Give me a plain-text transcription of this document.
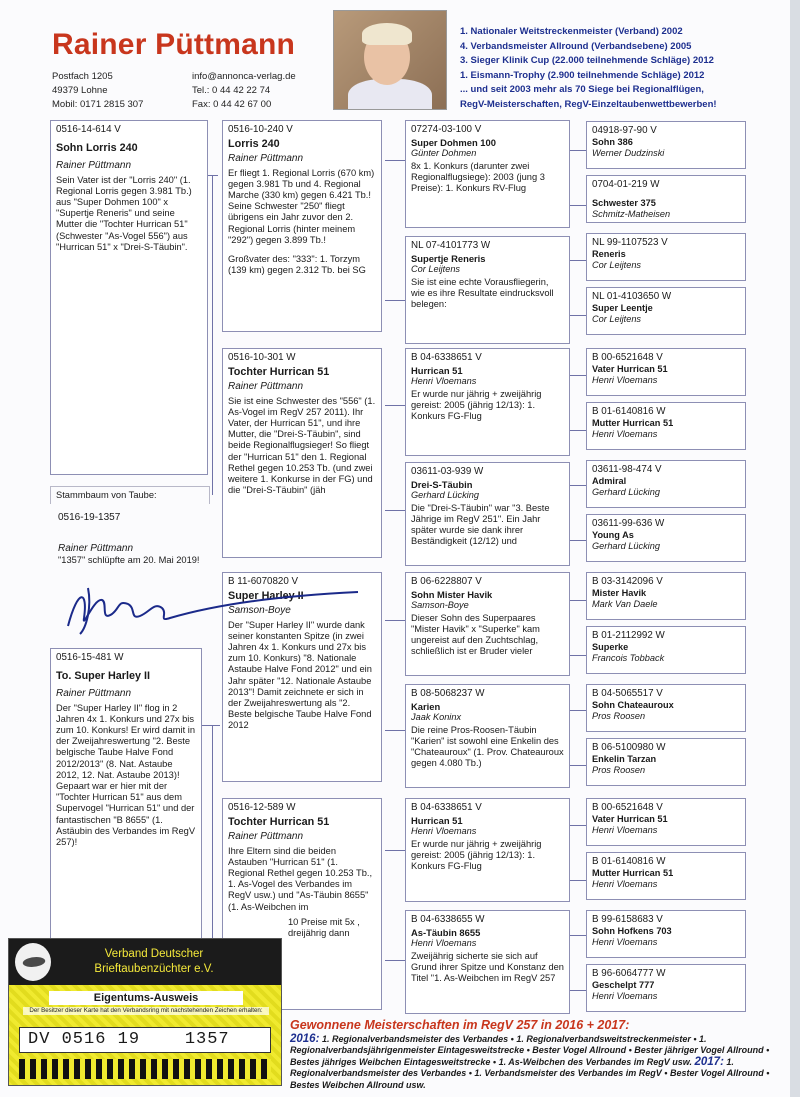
Rainer Püttmann
Postfach 1205
49379 Lohne
Mobil: 0171 2815 307
info@annonca-verlag.de
Tel.: 0 44 42 22 74
Fax: 0 44 42 67 00
1. Nationaler Weitstreckenmeister (Verband) 2002
4. Verbandsmeister Allround (Verbandsebene) 2005
3. Sieger Klinik Cup (22.000 teilnehmende Schläge) 2012
1. Eismann-Trophy (2.900 teilnehmende Schläge) 2012
... und seit 2003 mehr als 70 Siege bei Regionalflügen,
RegV-Meisterschaften, RegV-Einzeltaubenwettbewerben!
0516-14-614 V
Sohn Lorris 240
Rainer Püttmann
Sein Vater ist der "Lorris 240" (1. Regional Lorris gegen 3.981 Tb.) aus "Super Dohmen 100" x "Supertje Reneris" und seine Mutter die "Tochter Hurrican 51" (Schwester "As-Vogel 556") aus "Hurrican 51" x "Drei-S-Täubin".
0516-15-481 W
To. Super Harley II
Rainer Püttmann
Der "Super Harley II" flog in 2 Jahren 4x 1. Konkurs und 27x bis zum 10. Konkurs! Er wird damit in der Zweijahreswertung "2. Beste belgische Taube Halve Fond 2012/2013" (8. Nat. Astaube 2012, 12. Nat. Astaube 2013)! Gepaart war er hier mit der "Tochter Hurrican 51" aus dem Supervogel "Hurrican 51" und der fantastischen "B 8655" (1. Astäubin des Verbandes im RegV 257)!
0516-10-240 V
Lorris 240
Rainer Püttmann
Er fliegt 1. Regional Lorris (670 km) gegen 3.981 Tb und 4. Regional Marche (330 km) gegen 6.421 Tb.! Seine Schwester "250" fliegt übrigens ein Jahr zuvor den 2. Regional Lorris (hinter meinem "292") gegen 3.899 Tb.!
Großvater des: "333": 1. Torzym (139 km) gegen 2.312 Tb. bei SG
0516-10-301 W
Tochter Hurrican 51
Rainer Püttmann
Sie ist eine Schwester des "556" (1. As-Vogel im RegV 257 2011). Ihr Vater, der Hurrican 51", und ihre Mutter, die "Drei-S-Täubin", sind beide Regionalflugsieger! So fliegt der "Hurrican 51" den 1. Regional Rethel gegen 10.253 Tb. (und zwei weitere 1. Konkurse in der FG) und die "Drei-S-Täubin" (jäh
B 11-6070820 V
Super Harley II
Samson-Boye
Der "Super Harley II" wurde dank seiner konstanten Spitze (in zwei Jahren 4x 1. Konkurs und 27x bis zum 10. Konkurs) "8. Nationale Astaube Halve Fond 2012" und ein Jahr später "12. Nationale Astaube 2013"! Damit zeichnete er sich in der Zweijahreswertung als "2. Beste belgische Taube Halve Fond 2012
0516-12-589 W
Tochter Hurrican 51
Rainer Püttmann
Ihre Eltern sind die beiden Astauben "Hurrican 51" (1. Regional Rethel gegen 10.253 Tb., 1. As-Vogel des Verbandes im RegV usw.) und "As-Täubin 8655" (1. As-Weibchen im
10 Preise mit 5x , dreijährig dann
07274-03-100 V
Super Dohmen 100
Günter Dohmen
8x 1. Konkurs (darunter zwei Regionalflugsiege): 2003 (jung 3 Preise): 1. Konkurs RV-Flug
NL 07-4101773 W
Supertje Reneris
Cor Leijtens
Sie ist eine echte Vorausfliegerin, wie es ihre Resultate eindrucksvoll belegen:
B 04-6338651 V
Hurrican 51
Henri Vloemans
Er wurde nur jährig + zweijährig gereist: 2005 (jährig 12/13): 1. Konkurs FG-Flug
03611-03-939 W
Drei-S-Täubin
Gerhard Lücking
Die "Drei-S-Täubin" war "3. Beste Jährige im RegV 251". Ein Jahr später wurde sie dank ihrer Beständigkeit (12/12) und
B 06-6228807 V
Sohn Mister Havik
Samson-Boye
Dieser Sohn des Superpaares "Mister Havik" x "Superke" kam ungereist auf den Zuchtschlag, schließlich ist er Bruder vieler
B 08-5068237 W
Karien
Jaak Koninx
Die reine Pros-Roosen-Täubin "Karien" ist sowohl eine Enkelin des "Chateauroux" (1. Prov. Chateauroux gegen 4.080 Tb.)
B 04-6338651 V
Hurrican 51
Henri Vloemans
Er wurde nur jährig + zweijährig gereist: 2005 (jährig 12/13): 1. Konkurs FG-Flug
B 04-6338655 W
As-Täubin 8655
Henri Vloemans
Zweijährig sicherte sie sich auf Grund ihrer Spitze und Konstanz den Titel "1. As-Weibchen im RegV 257
04918-97-90 V
Sohn 386
Werner Dudzinski
0704-01-219 W
Schwester 375
Schmitz-Matheisen
NL 99-1107523 V
Reneris
Cor Leijtens
NL 01-4103650 W
Super Leentje
Cor Leijtens
B 00-6521648 V
Vater Hurrican 51
Henri Vloemans
B 01-6140816 W
Mutter Hurrican 51
Henri Vloemans
03611-98-474 V
Admiral
Gerhard Lücking
03611-99-636 W
Young As
Gerhard Lücking
B 03-3142096 V
Mister Havik
Mark Van Daele
B 01-2112992 W
Superke
Francois Tobback
B 04-5065517 V
Sohn Chateauroux
Pros Roosen
B 06-5100980 W
Enkelin Tarzan
Pros Roosen
B 00-6521648 V
Vater Hurrican 51
Henri Vloemans
B 01-6140816 W
Mutter Hurrican 51
Henri Vloemans
B 99-6158683 V
Sohn Hofkens 703
Henri Vloemans
B 96-6064777 W
Geschelpt 777
Henri Vloemans
Stammbaum von Taube:
0516-19-1357
Rainer Püttmann
"1357" schlüpfte am 20. Mai 2019!
Gewonnene Meisterschaften im RegV 257 in 2016 + 2017:
2016: 1. Regionalverbandsmeister des Verbandes • 1. Regionalverbandsweitstreckenmeister • 1. Regionalverbandsjährigenmeister Eintagesweitstrecke • Bester Vogel Allround • Bester jähriger Vogel Allround • Bestes jähriges Weibchen Eintagesweitstrecke • 1. As-Weibchen des Verbandes im RegV usw. 2017: 1. Regionalverbandsmeister des Verbandes • 1. Verbandsmeister des Verbandes im RegV • Bester Vogel Allround • Bestes Weibchen Allround usw.
Verband Deutscher
Brieftaubenzüchter e.V.
Eigentums-Ausweis
Der Besitzer dieser Karte hat den Verbandsring mit nachstehenden Zeichen erhalten:
DV 0516 19    1357
